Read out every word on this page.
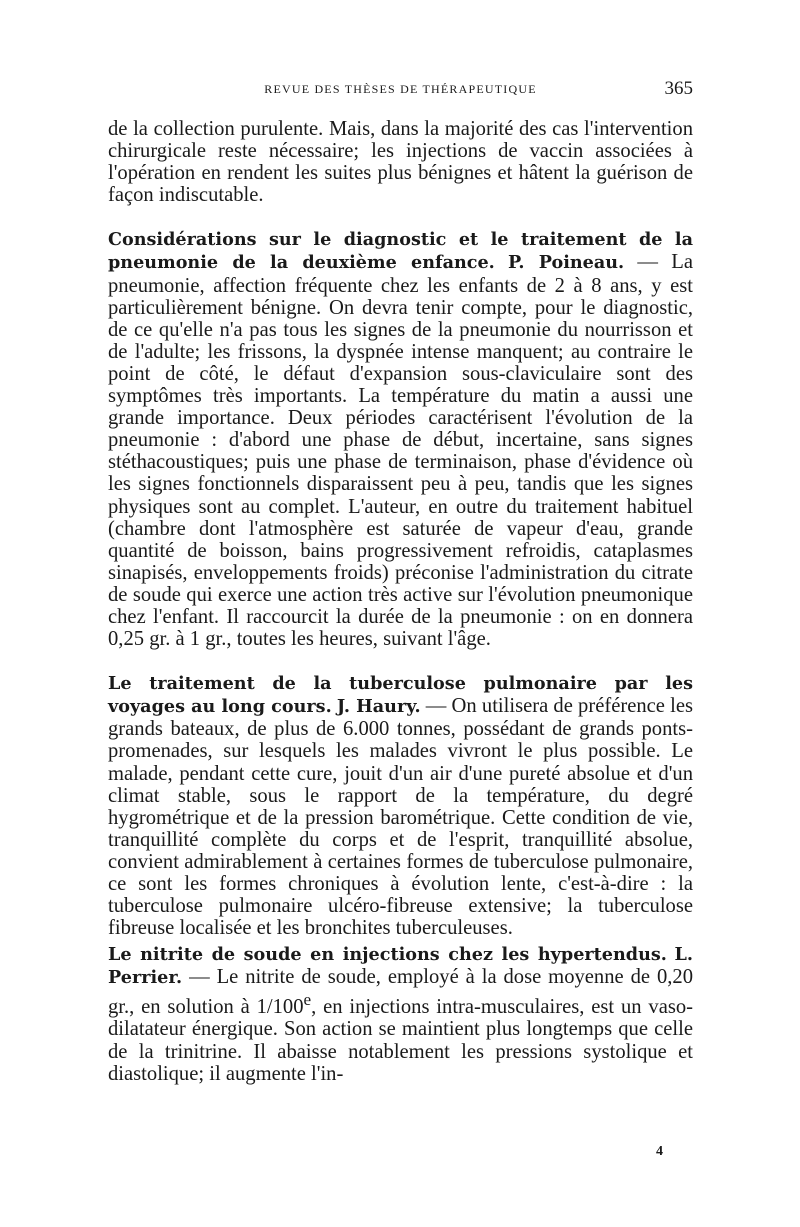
REVUE DES THÈSES DE THÉRAPEUTIQUE	365

de la collection purulente. Mais, dans la majorité des cas l'intervention chirurgicale reste nécessaire; les injections de vaccin associées à l'opération en rendent les suites plus bénignes et hâtent la guérison de façon indiscutable.

Considérations sur le diagnostic et le traitement de la pneumonie de la deuxième enfance. P. Poineau. — La pneumonie, affection fréquente chez les enfants de 2 à 8 ans, y est particulièrement bénigne. On devra tenir compte, pour le diagnostic, de ce qu'elle n'a pas tous les signes de la pneumonie du nourrisson et de l'adulte; les frissons, la dyspnée intense manquent; au contraire le point de côté, le défaut d'expansion sous-claviculaire sont des symptômes très importants. La température du matin a aussi une grande importance. Deux périodes caractérisent l'évolution de la pneumonie : d'abord une phase de début, incertaine, sans signes stéthacoustiques; puis une phase de terminaison, phase d'évidence où les signes fonctionnels disparaissent peu à peu, tandis que les signes physiques sont au complet. L'auteur, en outre du traitement habituel (chambre dont l'atmosphère est saturée de vapeur d'eau, grande quantité de boisson, bains progressivement refroidis, cataplasmes sinapisés, enveloppements froids) préconise l'administration du citrate de soude qui exerce une action très active sur l'évolution pneumonique chez l'enfant. Il raccourcit la durée de la pneumonie : on en donnera 0,25 gr. à 1 gr., toutes les heures, suivant l'âge.

Le traitement de la tuberculose pulmonaire par les voyages au long cours. J. Haury. — On utilisera de préférence les grands bateaux, de plus de 6.000 tonnes, possédant de grands ponts-promenades, sur lesquels les malades vivront le plus possible. Le malade, pendant cette cure, jouit d'un air d'une pureté absolue et d'un climat stable, sous le rapport de la température, du degré hygrométrique et de la pression barométrique. Cette condition de vie, tranquillité complète du corps et de l'esprit, tranquillité absolue, convient admirablement à certaines formes de tuberculose pulmonaire, ce sont les formes chroniques à évolution lente, c'est-à-dire : la tuberculose pulmonaire ulcéro-fibreuse extensive; la tuberculose fibreuse localisée et les bronchites tuberculeuses.

Le nitrite de soude en injections chez les hypertendus. L. Perrier. — Le nitrite de soude, employé à la dose moyenne de 0,20 gr., en solution à 1/100e, en injections intra-musculaires, est un vaso-dilatateur énergique. Son action se maintient plus longtemps que celle de la trinitrine. Il abaisse notablement les pressions systolique et diastolique; il augmente l'in-

4
